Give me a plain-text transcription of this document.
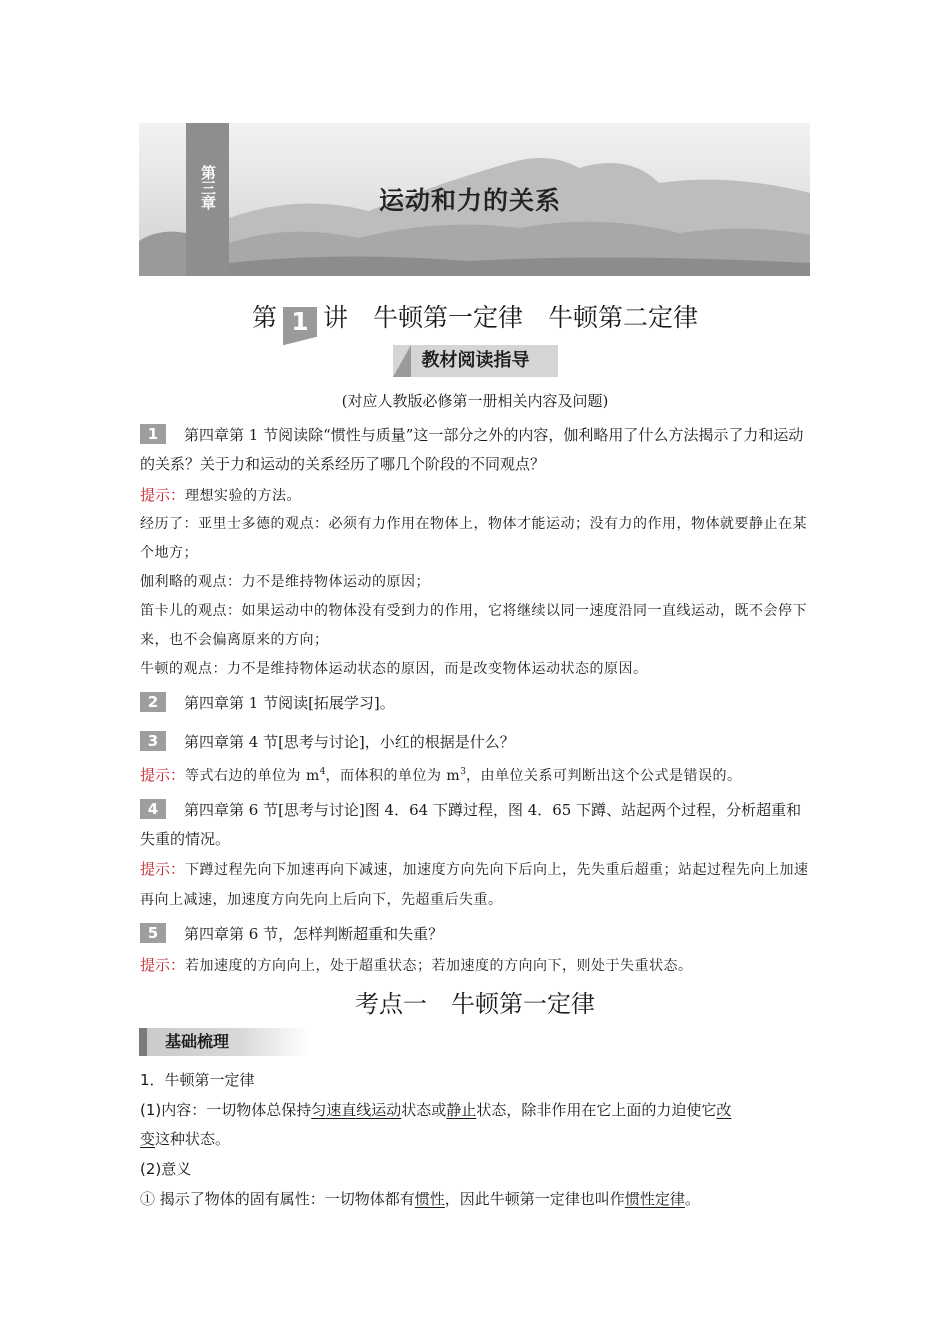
第三章	运动和力的关系
第 1 讲　牛顿第一定律　牛顿第二定律
教材阅读指导
(对应人教版必修第一册相关内容及问题)

1 第四章第 1 节阅读除“惯性与质量”这一部分之外的内容，伽利略用了什么方法揭示了力和运动的关系？关于力和运动的关系经历了哪几个阶段的不同观点？

提示：理想实验的方法。

经历了：亚里士多德的观点：必须有力作用在物体上，物体才能运动；没有力的作用，物体就要静止在某个地方；

伽利略的观点：力不是维持物体运动的原因；

笛卡儿的观点：如果运动中的物体没有受到力的作用，它将继续以同一速度沿同一直线运动，既不会停下来，也不会偏离原来的方向；

牛顿的观点：力不是维持物体运动状态的原因，而是改变物体运动状态的原因。

2 第四章第 1 节阅读[拓展学习]。

3 第四章第 4 节[思考与讨论]，小红的根据是什么？

提示：等式右边的单位为 $m^4$，而体积的单位为 $m^3$，由单位关系可判断出这个公式是错误的。

4 第四章第 6 节[思考与讨论]图 4．64 下蹲过程，图 4．65 下蹲、站起两个过程，分析超重和失重的情况。

提示：下蹲过程先向下加速再向下减速，加速度方向先向下后向上，先失重后超重；站起过程先向上加速再向上减速，加速度方向先向上后向下，先超重后失重。

5 第四章第 6 节，怎样判断超重和失重？

提示：若加速度的方向向上，处于超重状态；若加速度的方向向下，则处于失重状态。

考点一　牛顿第一定律
基础梳理

1．牛顿第一定律

(1)内容：一切物体总保持匀速直线运动状态或静止状态，除非作用在它上面的力迫使它改
变这种状态。

(2)意义

① 揭示了物体的固有属性：一切物体都有惯性，因此牛顿第一定律也叫作惯性定律。
